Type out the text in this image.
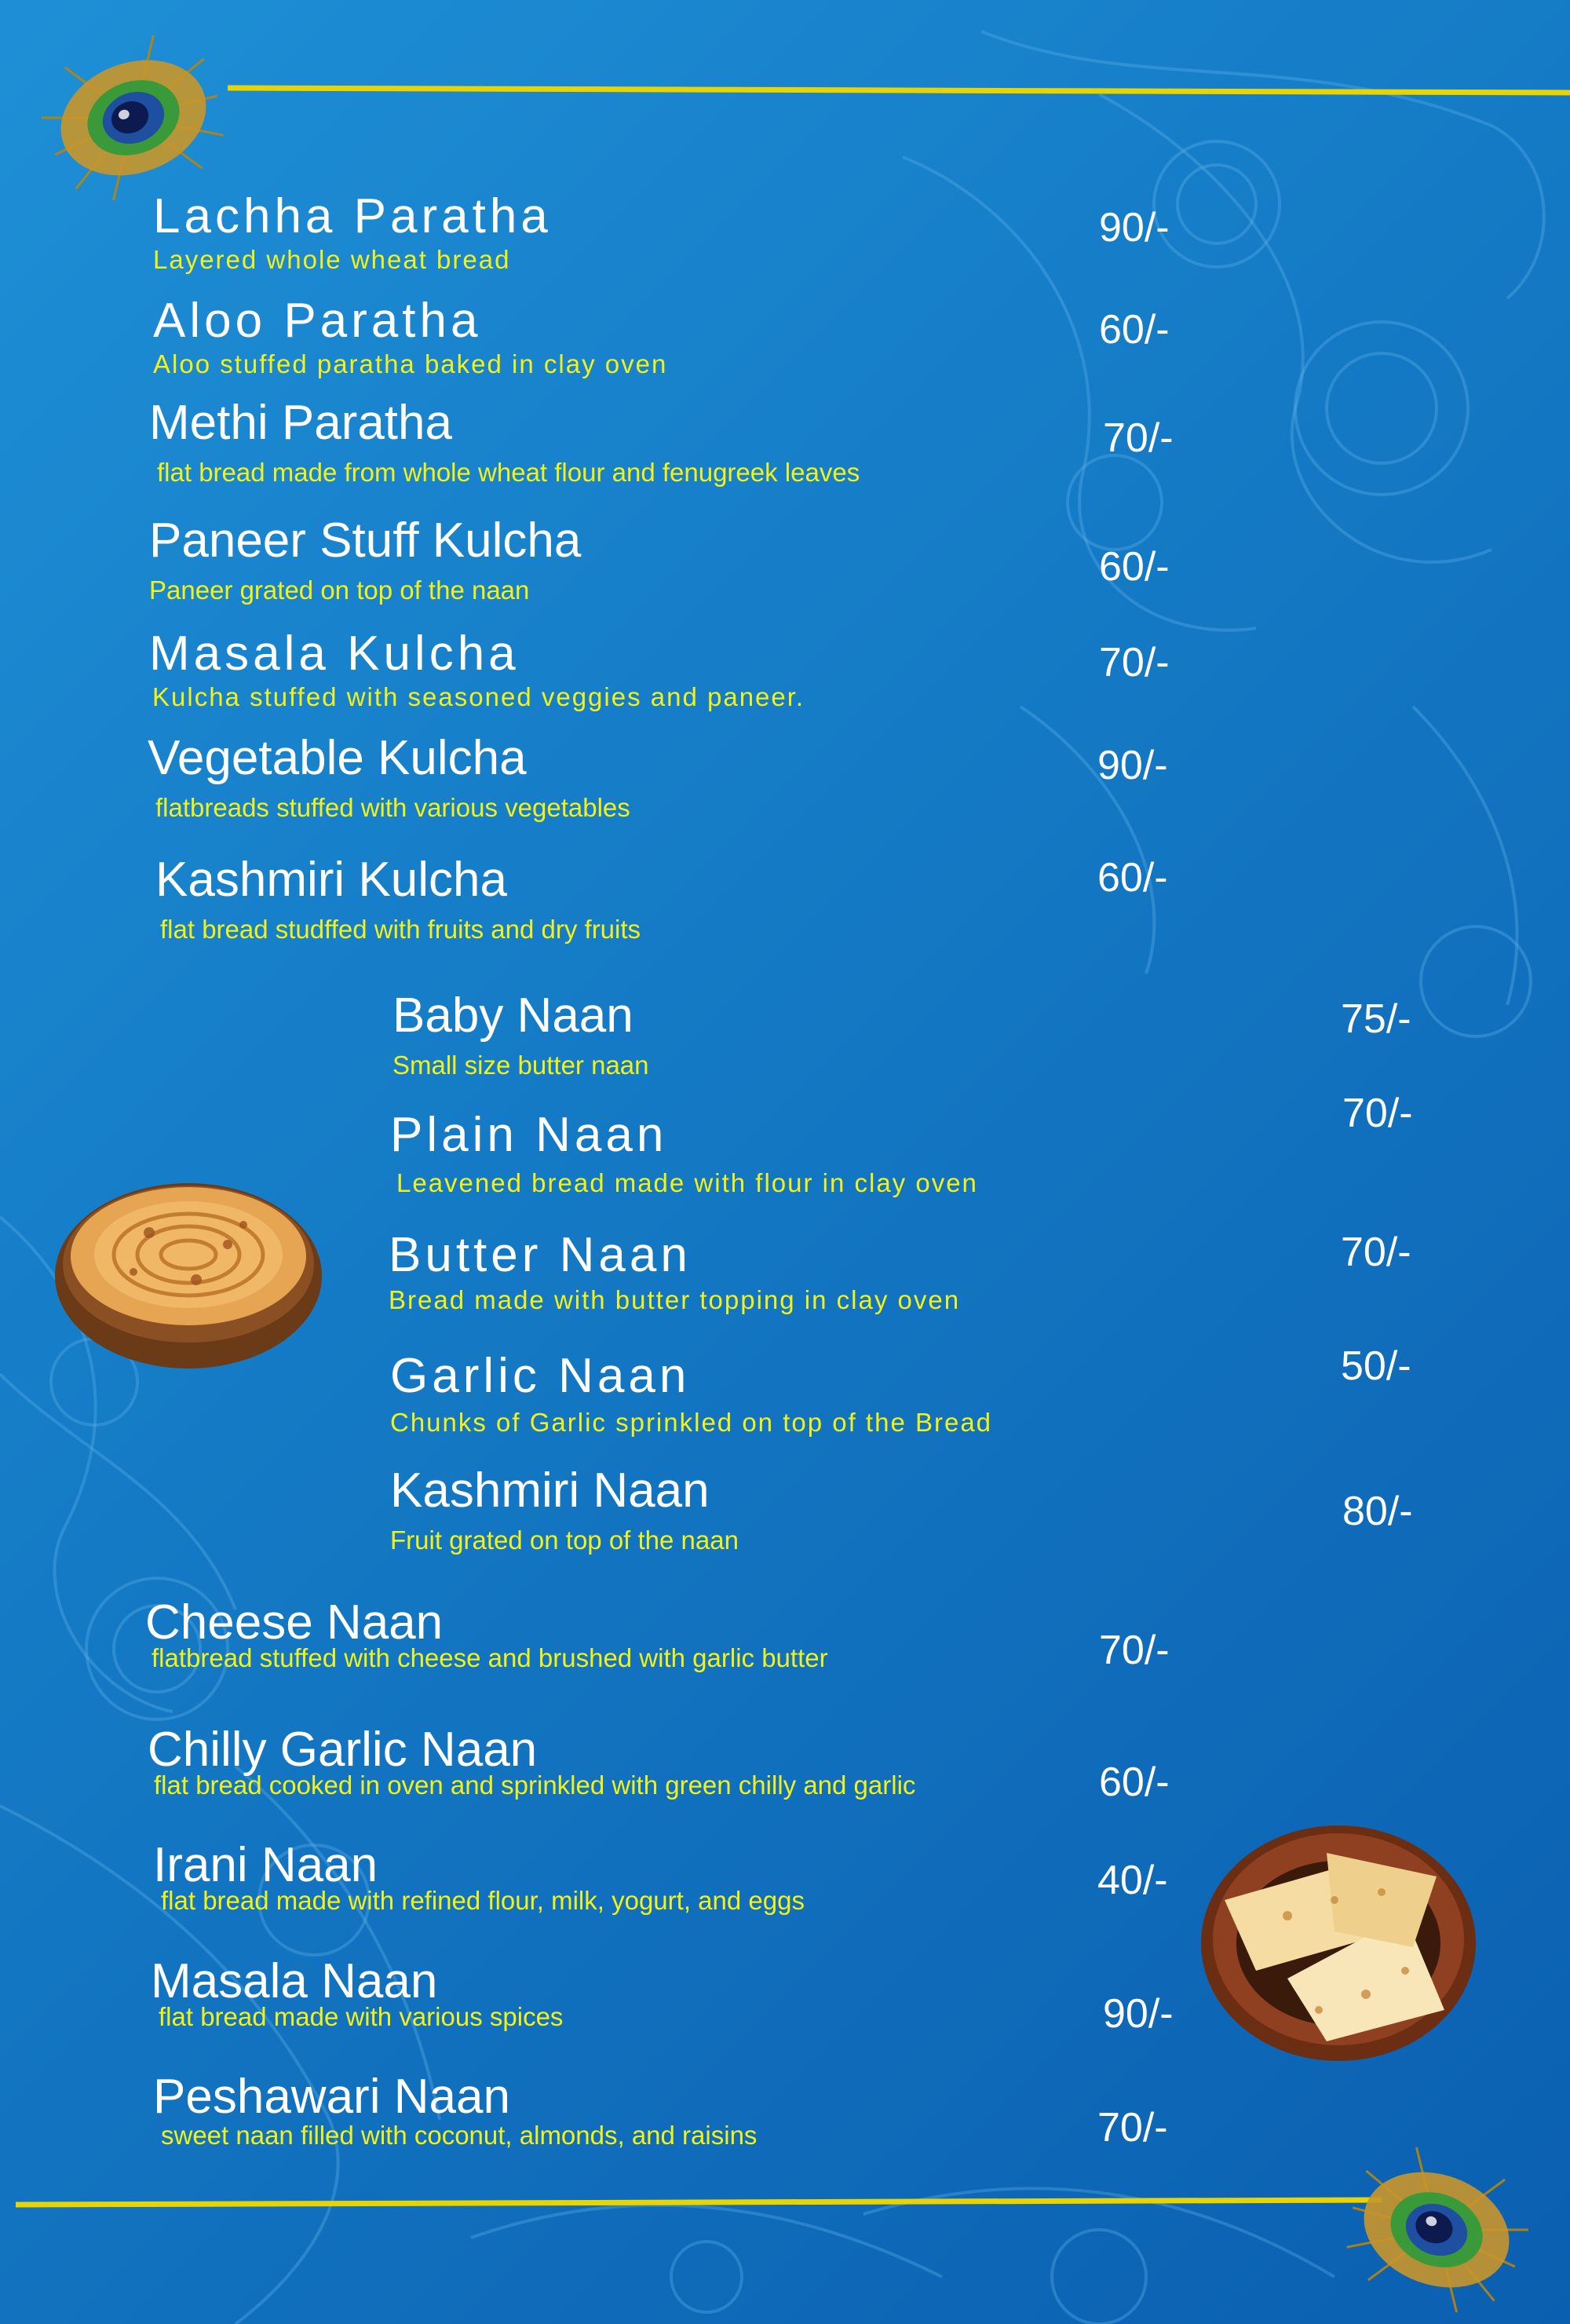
Lachha Paratha
Layered whole wheat bread
90/-
Aloo Paratha
Aloo stuffed paratha baked in clay oven
60/-
Methi Paratha
flat bread made from whole wheat flour and fenugreek leaves
70/-
Paneer Stuff Kulcha
Paneer grated on top of the naan
60/-
Masala Kulcha
Kulcha stuffed with seasoned veggies and paneer.
70/-
Vegetable Kulcha
flatbreads stuffed with various vegetables
90/-
Kashmiri Kulcha
flat bread studffed with fruits and dry fruits
60/-
Baby Naan
Small size butter naan
75/-
Plain Naan
Leavened bread made with flour in clay oven
70/-
Butter Naan
Bread made with butter topping in clay oven
70/-
Garlic Naan
Chunks of Garlic sprinkled on top of the Bread
50/-
Kashmiri Naan
Fruit grated on top of the naan
80/-
Cheese Naan
flatbread stuffed with cheese and brushed with garlic butter	70/-
Chilly Garlic Naan
flat bread cooked in oven and sprinkled with green chilly and garlic	60/-
Irani Naan
flat bread made with refined flour, milk, yogurt, and eggs	40/-
Masala Naan
flat bread made with various spices	90/-
Peshawari Naan
sweet naan filled with coconut, almonds, and raisins	70/-
